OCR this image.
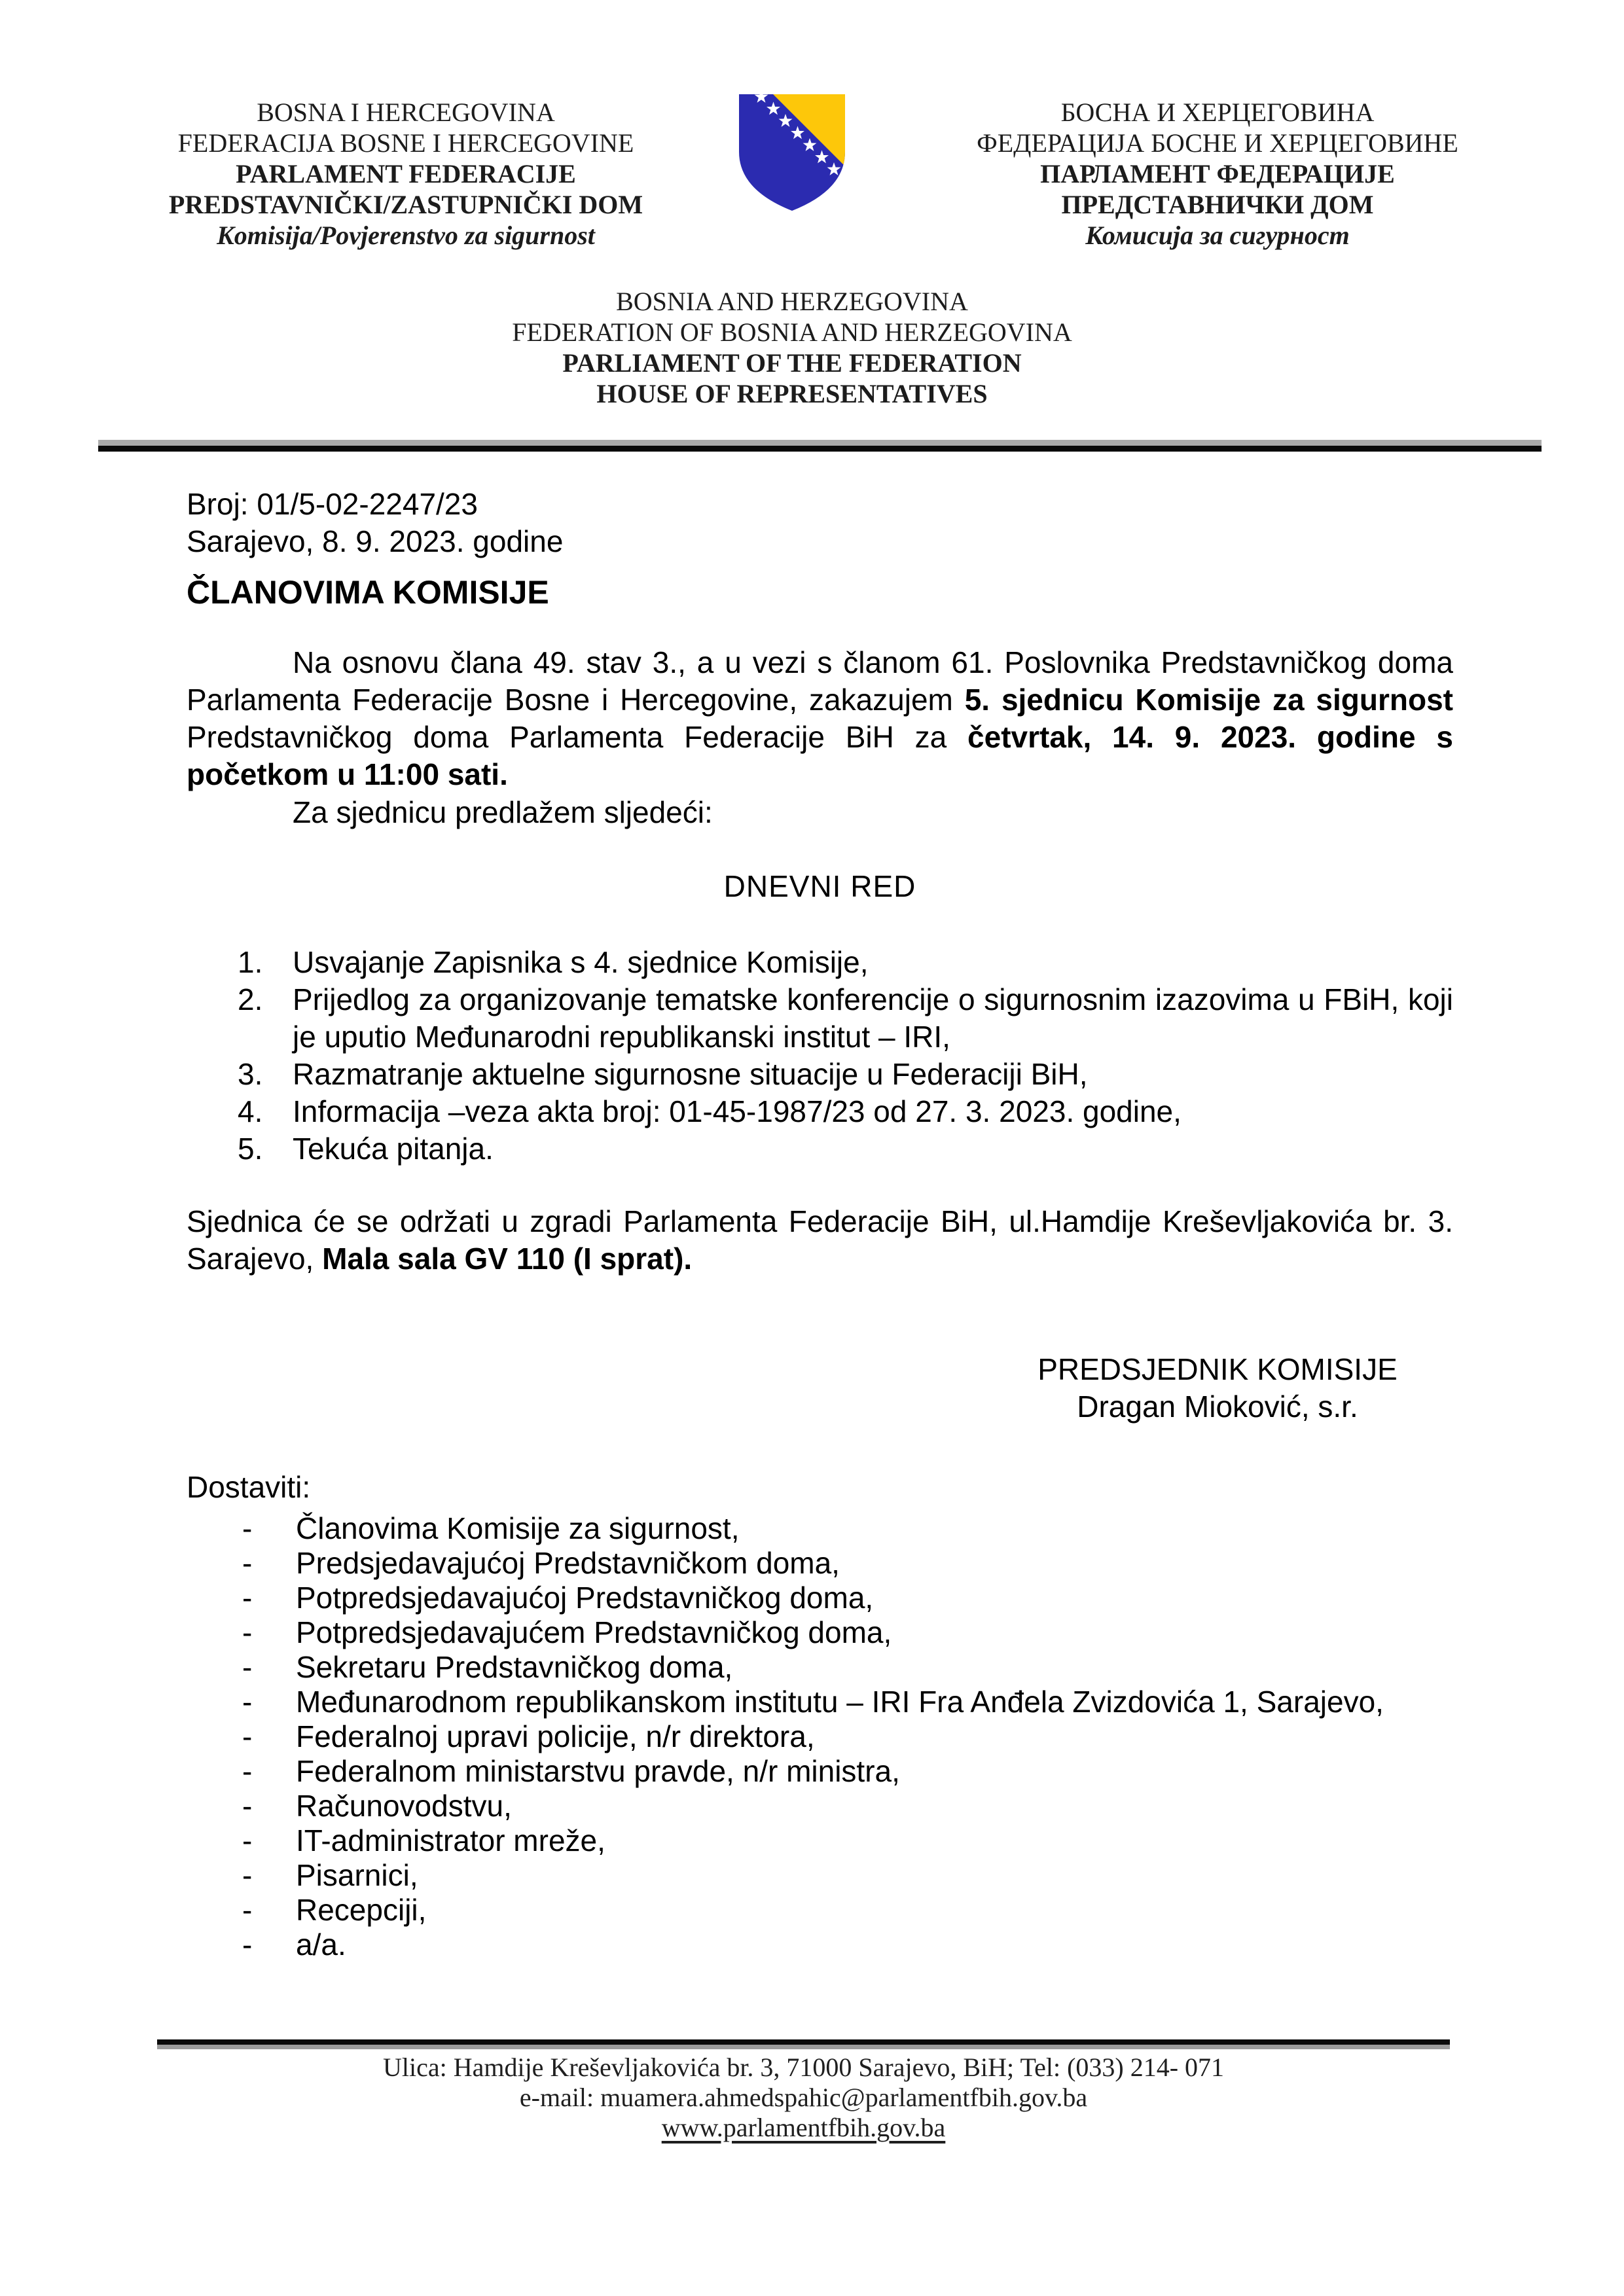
BOSNA I HERCEGOVINA
FEDERACIJA BOSNE I HERCEGOVINE
PARLAMENT FEDERACIJE
PREDSTAVNIČKI/ZASTUPNIČKI DOM
Komisija/Povjerenstvo za sigurnost
БОСНА И ХЕРЦЕГОВИНА
ФЕДЕРАЦИЈА БОСНЕ И ХЕРЦЕГОВИНЕ
ПАРЛАМЕНТ ФЕДЕРАЦИЈЕ
ПРЕДСТАВНИЧКИ ДОМ
Комисија за сигурност
BOSNIA AND HERZEGOVINA
FEDERATION OF BOSNIA AND HERZEGOVINA
PARLIAMENT OF THE FEDERATION
HOUSE OF REPRESENTATIVES
Broj: 01/5-02-2247/23
Sarajevo, 8. 9. 2023. godine
ČLANOVIMA KOMISIJE
Na osnovu člana 49. stav 3., a u vezi s članom 61. Poslovnika Predstavničkog doma Parlamenta Federacije Bosne i Hercegovine, zakazujem 5. sjednicu Komisije za sigurnost Predstavničkog doma Parlamenta Federacije BiH za četvrtak, 14. 9. 2023. godine s početkom u 11:00 sati.
Za sjednicu predlažem sljedeći:
DNEVNI RED
1. Usvajanje Zapisnika s 4. sjednice Komisije,
2. Prijedlog za organizovanje tematske konferencije o sigurnosnim izazovima u FBiH, koji je uputio Međunarodni republikanski institut – IRI,
3. Razmatranje aktuelne sigurnosne situacije u Federaciji BiH,
4. Informacija –veza akta broj: 01-45-1987/23 od 27. 3. 2023. godine,
5. Tekuća pitanja.
Sjednica će se održati u zgradi Parlamenta Federacije BiH, ul.Hamdije Kreševljakovića br. 3. Sarajevo, Mala sala GV 110 (I sprat).
PREDSJEDNIK KOMISIJE
Dragan Mioković, s.r.
Dostaviti:
-	Članovima Komisije za sigurnost,
-	Predsjedavajućoj Predstavničkom doma,
-	Potpredsjedavajućoj Predstavničkog doma,
-	Potpredsjedavajućem Predstavničkog doma,
-	Sekretaru Predstavničkog doma,
-	Međunarodnom republikanskom institutu – IRI Fra Anđela Zvizdovića 1, Sarajevo,
-	Federalnoj upravi policije, n/r direktora,
-	Federalnom ministarstvu pravde, n/r ministra,
-	Računovodstvu,
-	IT-administrator mreže,
-	Pisarnici,
-	Recepciji,
-	a/a.
Ulica: Hamdije Kreševljakovića br. 3, 71000 Sarajevo, BiH; Tel: (033) 214- 071
e-mail: muamera.ahmedspahic@parlamentfbih.gov.ba
www.parlamentfbih.gov.ba
